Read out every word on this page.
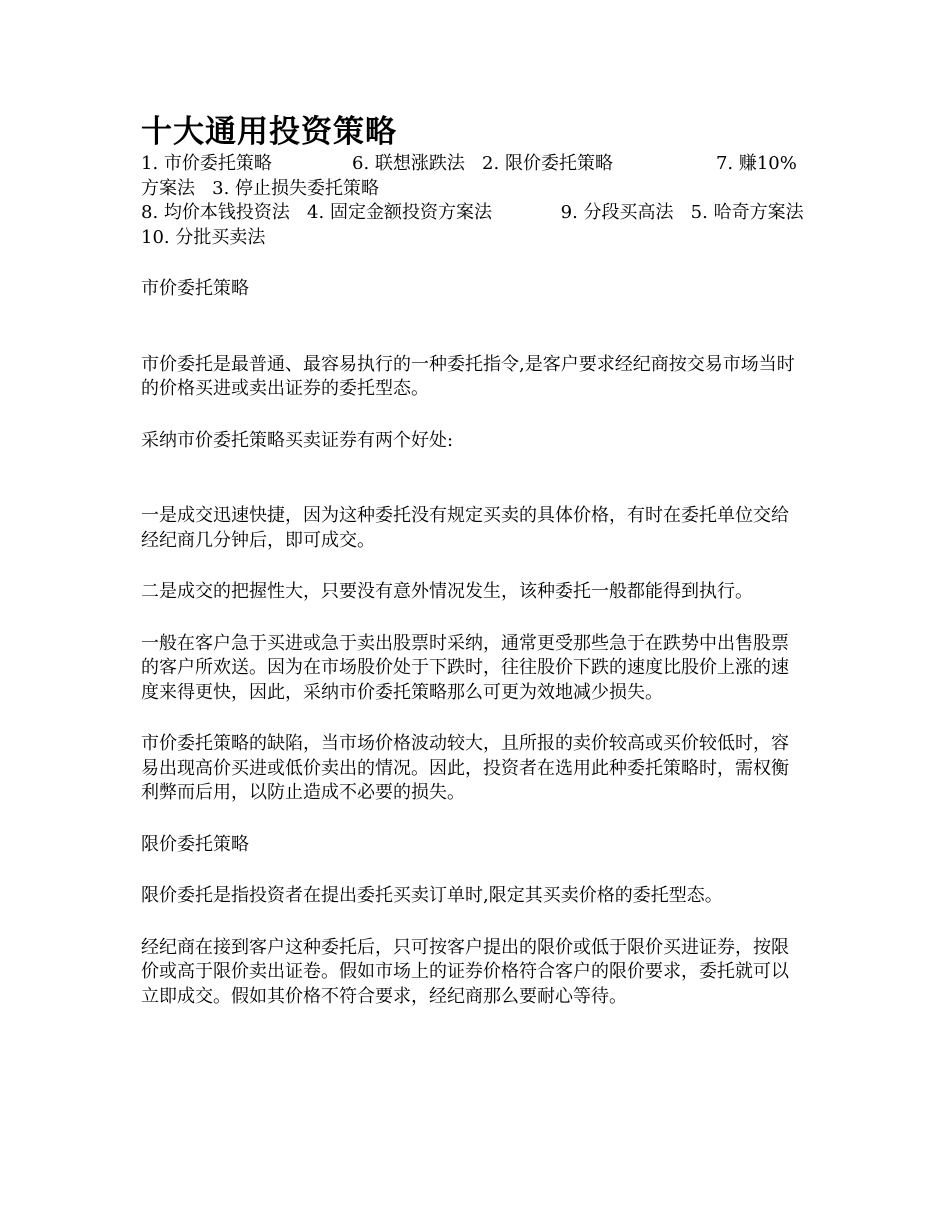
十大通用投资策略

1. 市价委托策略              6. 联想涨跌法   2. 限价委托策略                  7. 赚10%方案法   3. 停止损失委托策略
8. 均价本钱投资法   4. 固定金额投资方案法            9. 分段买高法   5. 哈奇方案法                    10. 分批买卖法

市价委托策略

市价委托是最普通、最容易执行的一种委托指令,是客户要求经纪商按交易市场当时的价格买进或卖出证券的委托型态。

采纳市价委托策略买卖证券有两个好处:

一是成交迅速快捷，因为这种委托没有规定买卖的具体价格，有时在委托单位交给经纪商几分钟后，即可成交。

二是成交的把握性大，只要没有意外情况发生，该种委托一般都能得到执行。

一般在客户急于买进或急于卖出股票时采纳，通常更受那些急于在跌势中出售股票的客户所欢送。因为在市场股价处于下跌时，往往股价下跌的速度比股价上涨的速度来得更快，因此，采纳市价委托策略那么可更为效地减少损失。

市价委托策略的缺陷，当市场价格波动较大，且所报的卖价较高或买价较低时，容易出现高价买进或低价卖出的情况。因此，投资者在选用此种委托策略时，需权衡利弊而后用，以防止造成不必要的损失。

限价委托策略

限价委托是指投资者在提出委托买卖订单时,限定其买卖价格的委托型态。

经纪商在接到客户这种委托后，只可按客户提出的限价或低于限价买进证券，按限价或高于限价卖出证卷。假如市场上的证券价格符合客户的限价要求，委托就可以立即成交。假如其价格不符合要求，经纪商那么要耐心等待。
